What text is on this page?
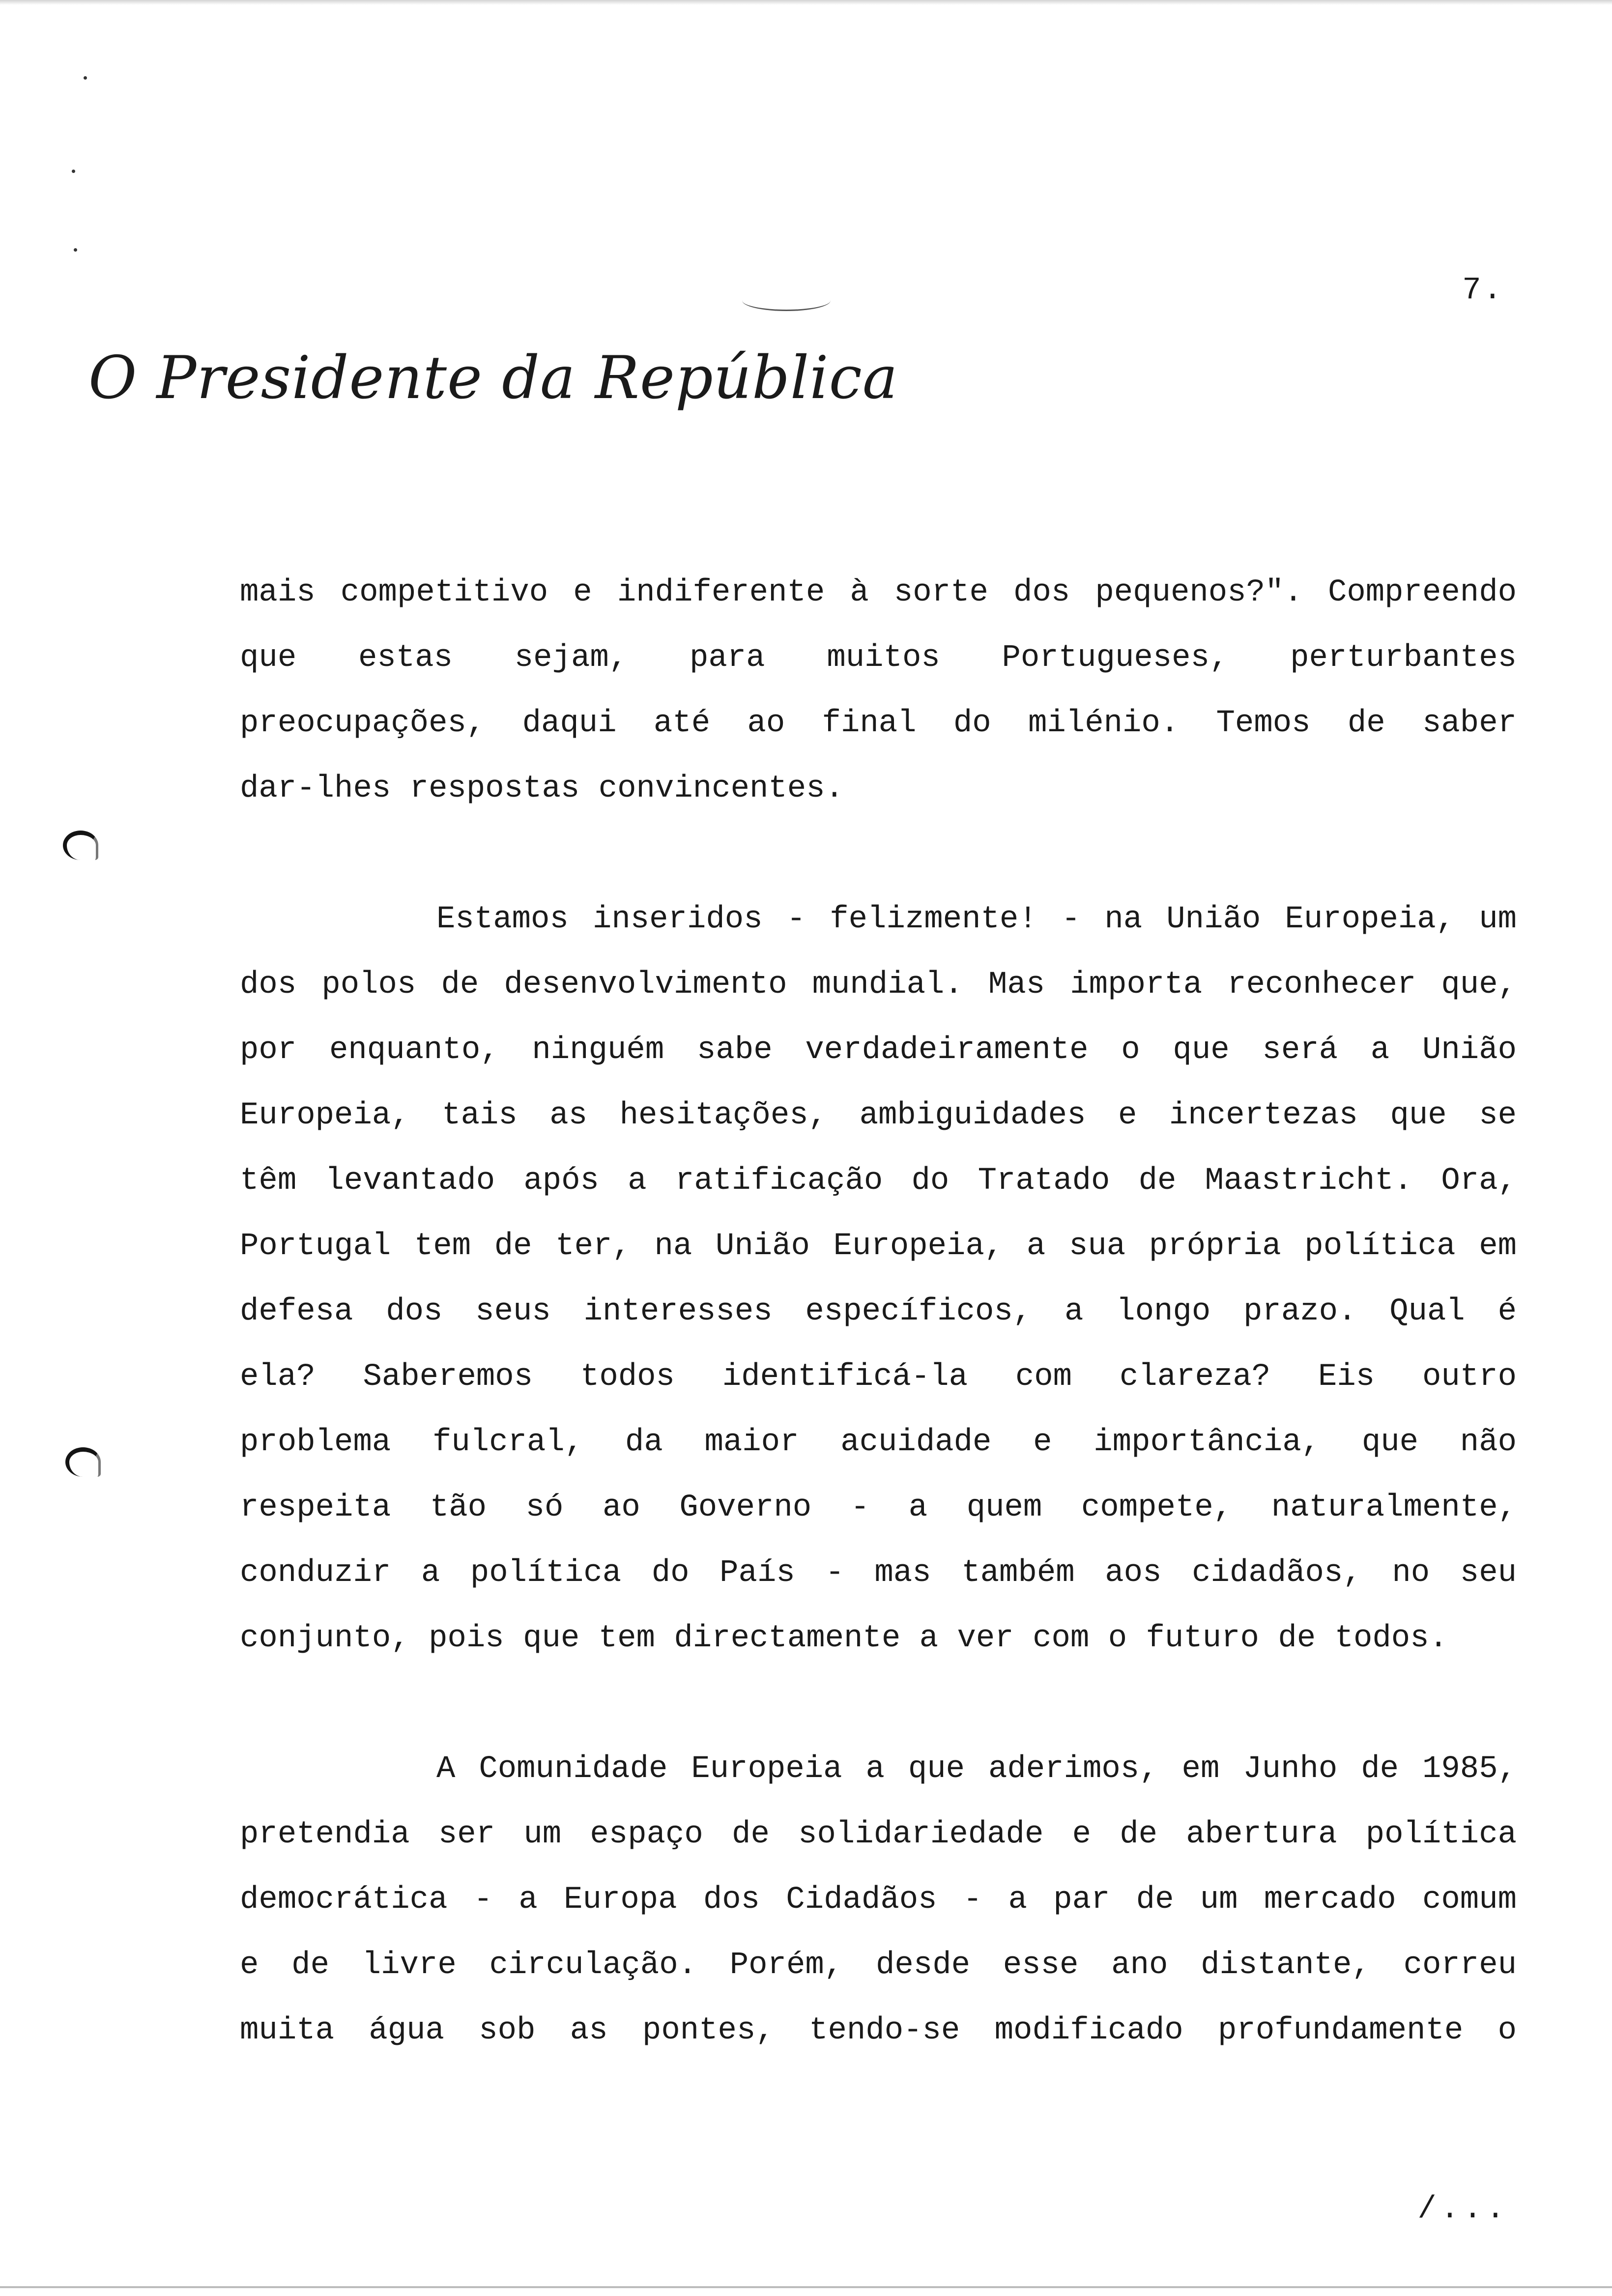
7.
O Presidente da República
mais competitivo e indiferente à sorte dos pequenos?". Compreendo
que estas sejam, para muitos Portugueses, perturbantes
preocupações, daqui até ao final do milénio. Temos de saber
dar-lhes respostas convincentes.
Estamos inseridos - felizmente! - na União Europeia, um
dos polos de desenvolvimento mundial. Mas importa reconhecer que,
por enquanto, ninguém sabe verdadeiramente o que será a União
Europeia, tais as hesitações, ambiguidades e incertezas que se
têm levantado após a ratificação do Tratado de Maastricht. Ora,
Portugal tem de ter, na União Europeia, a sua própria política em
defesa dos seus interesses específicos, a longo prazo. Qual é
ela? Saberemos todos identificá-la com clareza? Eis outro
problema fulcral, da maior acuidade e importância, que não
respeita tão só ao Governo - a quem compete, naturalmente,
conduzir a política do País - mas também aos cidadãos, no seu
conjunto, pois que tem directamente a ver com o futuro de todos.
A Comunidade Europeia a que aderimos, em Junho de 1985,
pretendia ser um espaço de solidariedade e de abertura política
democrática - a Europa dos Cidadãos - a par de um mercado comum
e de livre circulação. Porém, desde esse ano distante, correu
muita água sob as pontes, tendo-se modificado profundamente o
/...
